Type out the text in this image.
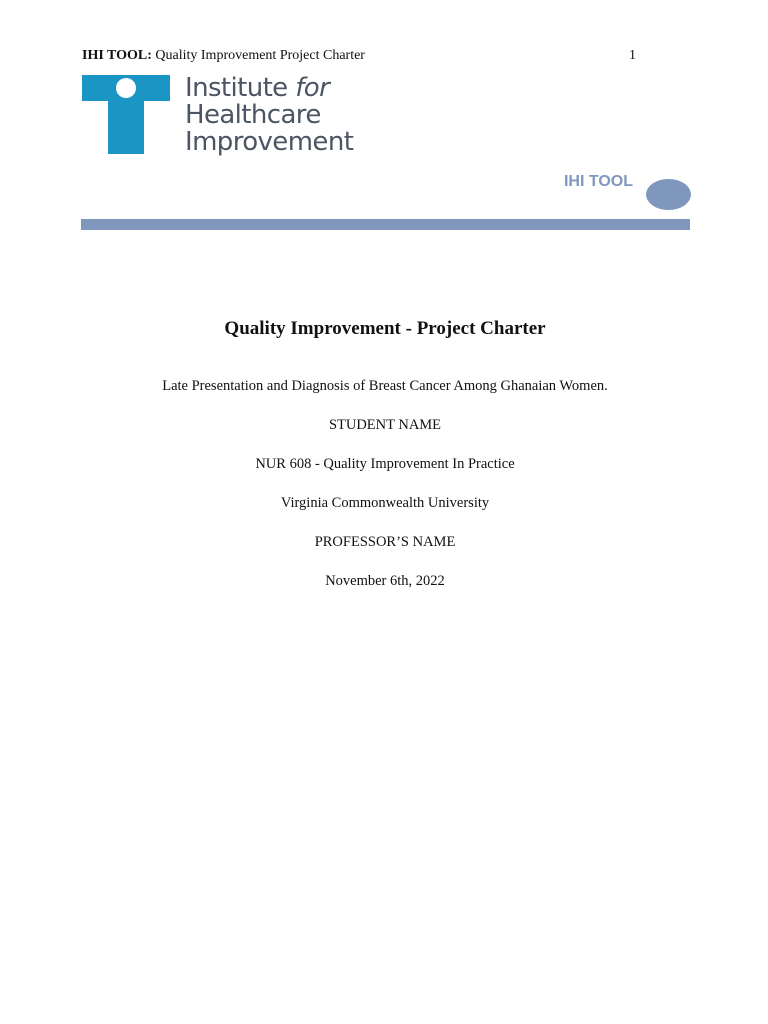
IHI TOOL: Quality Improvement Project Charter	1
Institute for
Healthcare
Improvement
IHI TOOL
Quality Improvement - Project Charter

Late Presentation and Diagnosis of Breast Cancer Among Ghanaian Women.

STUDENT NAME

NUR 608 - Quality Improvement In Practice

Virginia Commonwealth University

PROFESSOR’S NAME

November 6th, 2022
